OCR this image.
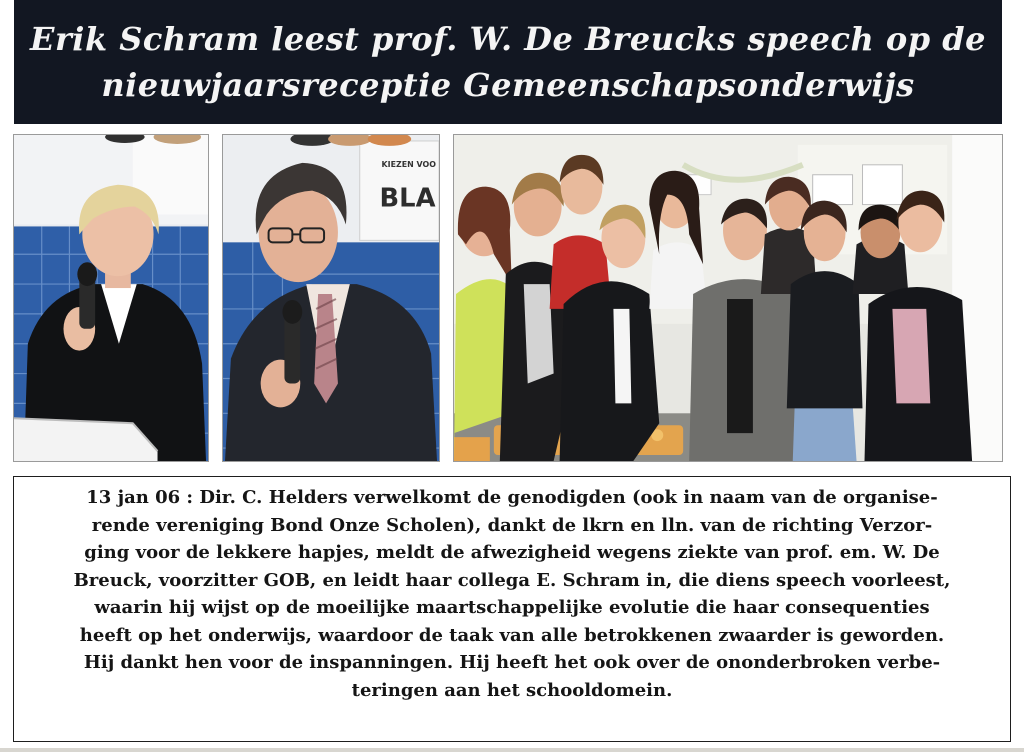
Erik Schram leest prof. W. De Breucks speech op de
nieuwjaarsreceptie Gemeenschapsonderwijs
KIEZEN VOO
BLA
13 jan 06 : Dir. C. Helders verwelkomt de genodigden (ook in naam van de organise-
rende vereniging Bond Onze Scholen), dankt de lkrn en lln. van de richting Verzor-
ging voor de lekkere hapjes, meldt de afwezigheid wegens ziekte van prof. em. W. De
Breuck, voorzitter GOB, en leidt haar collega E. Schram in, die diens speech voorleest,
waarin hij wijst op de moeilijke maartschappelijke evolutie die haar consequenties
heeft op het onderwijs, waardoor de taak van alle betrokkenen zwaarder is geworden.
Hij dankt hen voor de inspanningen. Hij heeft het ook over de ononderbroken verbe-
teringen aan het schooldomein.
